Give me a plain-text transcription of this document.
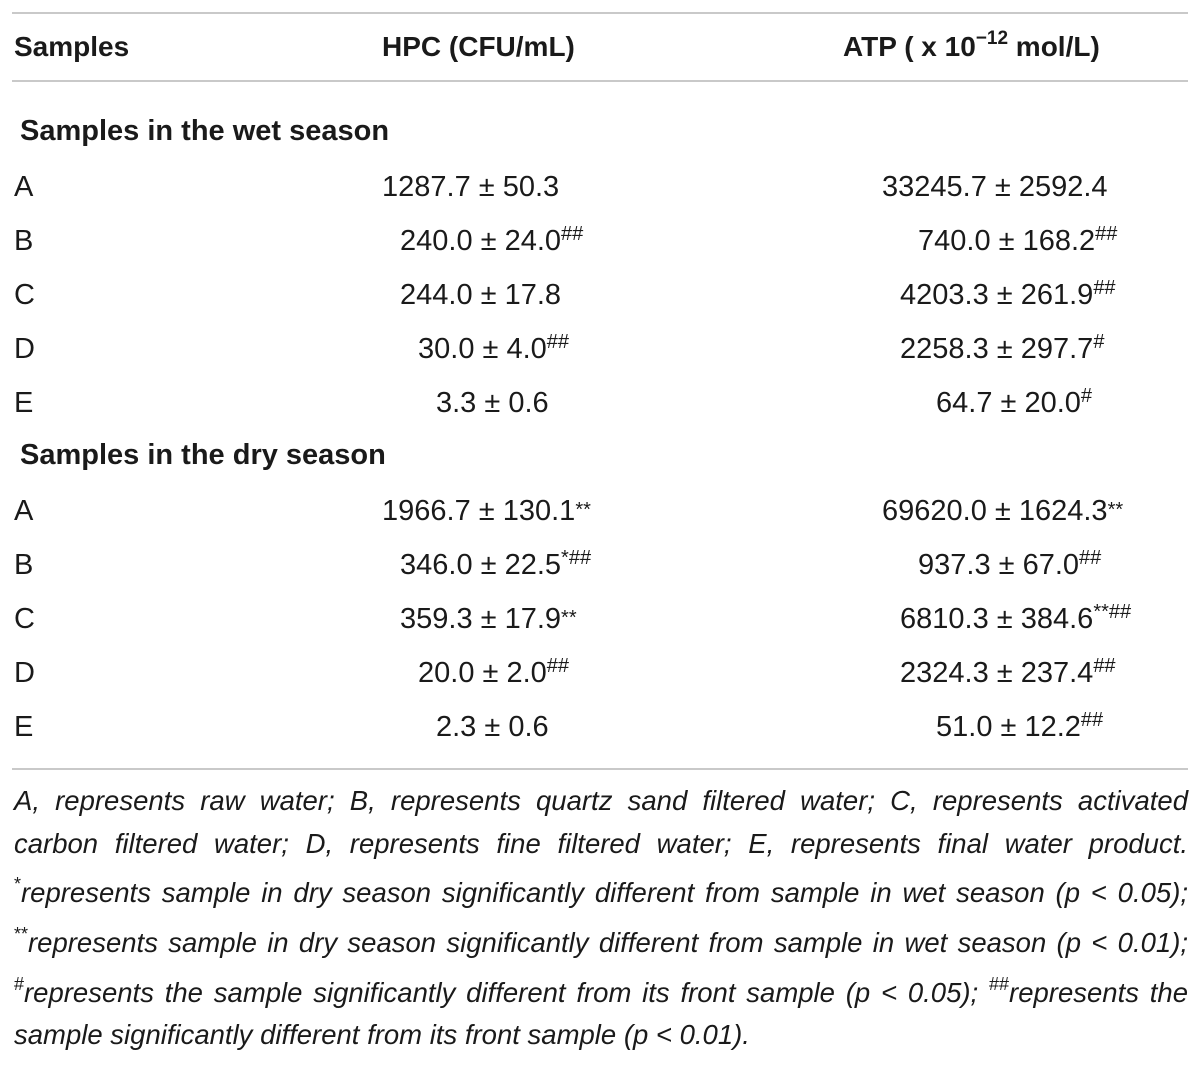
Samples	HPC (CFU/mL)	ATP ( x $10^{-12}$ mol/L)
Samples in the wet season
A	1287.7 ± 50.3	33245.7 ± 2592.4
B	240.0 ± 24.0##	740.0 ± 168.2##
C	244.0 ± 17.8	4203.3 ± 261.9##
D	30.0 ± 4.0##	2258.3 ± 297.7#
E	3.3 ± 0.6	64.7 ± 20.0#
Samples in the dry season
A	1966.7 ± 130.1**	69620.0 ± 1624.3**
B	346.0 ± 22.5*##	937.3 ± 67.0##
C	359.3 ± 17.9**	6810.3 ± 384.6**##
D	20.0 ± 2.0##	2324.3 ± 237.4##
E	2.3 ± 0.6	51.0 ± 12.2##
A, represents raw water; B, represents quartz sand filtered water; C, represents activated carbon filtered water; D, represents fine filtered water; E, represents final water product. *represents sample in dry season significantly different from sample in wet season (p < 0.05); **represents sample in dry season significantly different from sample in wet season (p < 0.01); #represents the sample significantly different from its front sample (p < 0.05); ##represents the sample significantly different from its front sample (p < 0.01).
